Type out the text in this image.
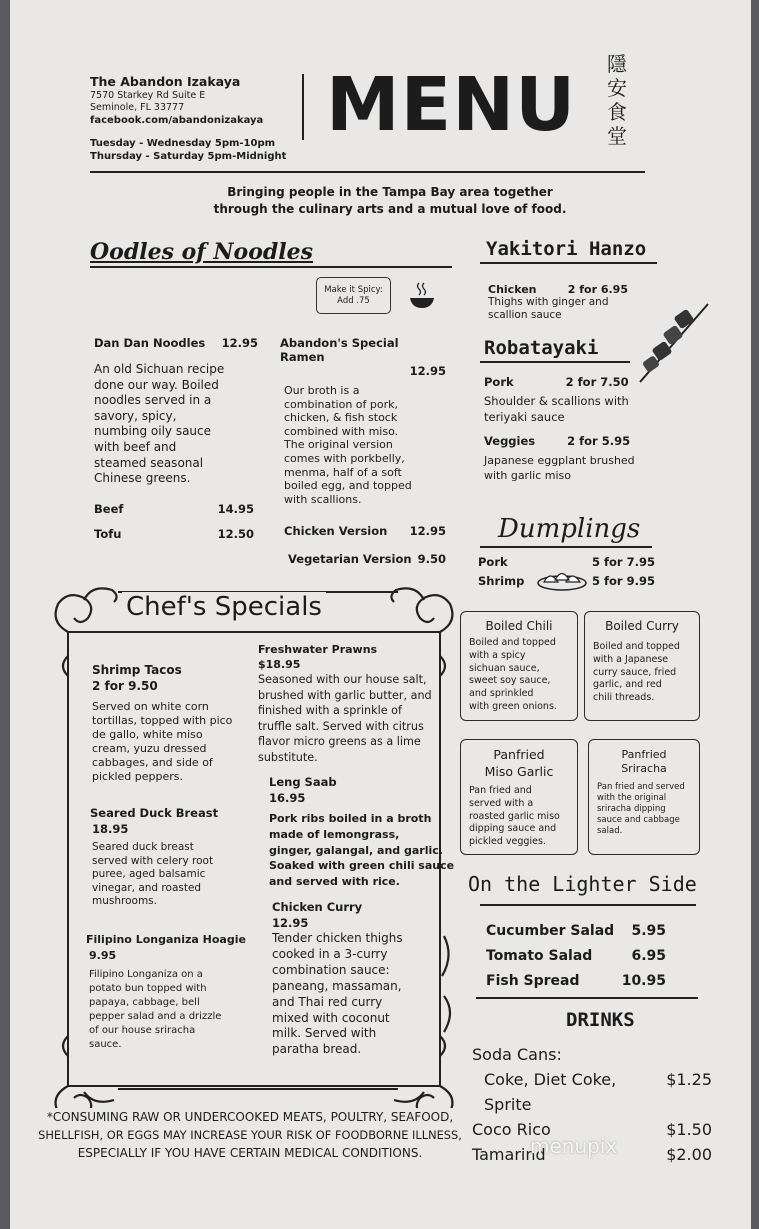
The Abandon Izakaya
7570 Starkey Rd Suite E
Seminole, FL 33777
facebook.com/abandonizakaya
Tuesday - Wednesday 5pm-10pm
Thursday - Saturday 5pm-Midnight
MENU 隱
安
食
堂
Bringing people in the Tampa Bay area together
through the culinary arts and a mutual love of food.
Oodles of Noodles
Make it Spicy:
Add .75
Dan Dan Noodles 12.95
An old Sichuan recipe
done our way. Boiled
noodles served in a
savory, spicy,
numbing oily sauce
with beef and
steamed seasonal
Chinese greens.
Beef	14.95
Tofu	12.50
Abandon's Special Ramen
12.95
Our broth is a
combination of pork,
chicken, & fish stock
combined with miso.
The original version
comes with porkbelly,
menma, half of a soft
boiled egg, and topped
with scallions.
Chicken Version 12.95
Vegetarian Version 9.50
Yakitori Hanzo
Chicken	2 for 6.95
Thighs with ginger and
scallion sauce
Robatayaki
Pork	2 for 7.50
Shoulder & scallions with
teriyaki sauce
Veggies	2 for 5.95
Japanese eggplant brushed
with garlic miso
Dumplings
Pork	5 for 7.95
Shrimp	5 for 9.95
Boiled Chili
Boiled and topped
with a spicy
sichuan sauce,
sweet soy sauce,
and sprinkled
with green onions.
Boiled Curry
Boiled and topped
with a Japanese
curry sauce, fried
garlic, and red
chili threads.
Panfried
Miso Garlic
Pan fried and
served with a
roasted garlic miso
dipping sauce and
pickled veggies.
Panfried
Sriracha
Pan fried and served
with the original
sriracha dipping
sauce and cabbage
salad.
Chef's Specials
Shrimp Tacos
2 for 9.50
Served on white corn
tortillas, topped with pico
de gallo, white miso
cream, yuzu dressed
cabbages, and side of
pickled peppers.
Seared Duck Breast
18.95
Seared duck breast
served with celery root
puree, aged balsamic
vinegar, and roasted
mushrooms.
Filipino Longaniza Hoagie
9.95
Filipino Longaniza on a
potato bun topped with
papaya, cabbage, bell
pepper salad and a drizzle
of our house sriracha
sauce.
Freshwater Prawns
$18.95
Seasoned with our house salt,
brushed with garlic butter, and
finished with a sprinkle of
truffle salt. Served with citrus
flavor micro greens as a lime
substitute.
Leng Saab
16.95
Pork ribs boiled in a broth
made of lemongrass,
ginger, galangal, and garlic.
Soaked with green chili sauce
and served with rice.
Chicken Curry
12.95
Tender chicken thighs
cooked in a 3-curry
combination sauce:
paneang, massaman,
and Thai red curry
mixed with coconut
milk. Served with
paratha bread.
On the Lighter Side
Cucumber Salad 5.95
Tomato Salad	6.95
Fish Spread	10.95
DRINKS
Soda Cans:
Coke, Diet Coke, Sprite
$1.25
Coco Rico	$1.50
Tamarind	$2.00
menupix
*CONSUMING RAW OR UNDERCOOKED MEATS, POULTRY, SEAFOOD,
SHELLFISH, OR EGGS MAY INCREASE YOUR RISK OF FOODBORNE ILLNESS,
ESPECIALLY IF YOU HAVE CERTAIN MEDICAL CONDITIONS.
